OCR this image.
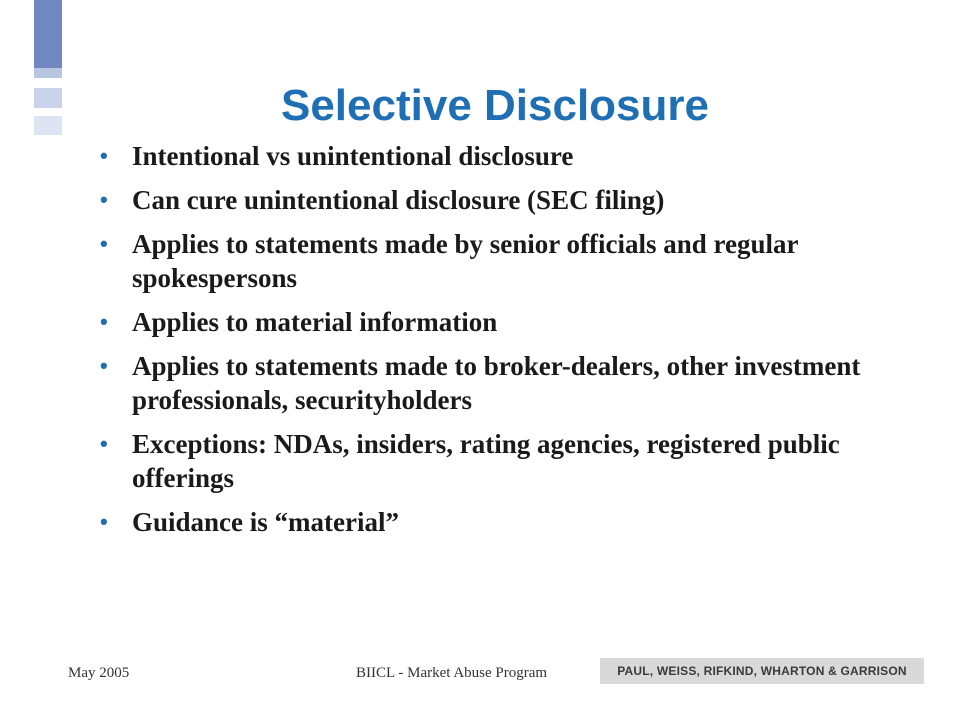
Selective Disclosure
• Intentional vs unintentional disclosure
• Can cure unintentional disclosure (SEC filing)
• Applies to statements made by senior officials and regular spokespersons
• Applies to material information
• Applies to statements made to broker-dealers, other investment professionals, securityholders
• Exceptions: NDAs, insiders, rating agencies, registered public offerings
• Guidance is “material”
May 2005	BIICL - Market Abuse Program	PAUL, WEISS, RIFKIND, WHARTON & GARRISON
